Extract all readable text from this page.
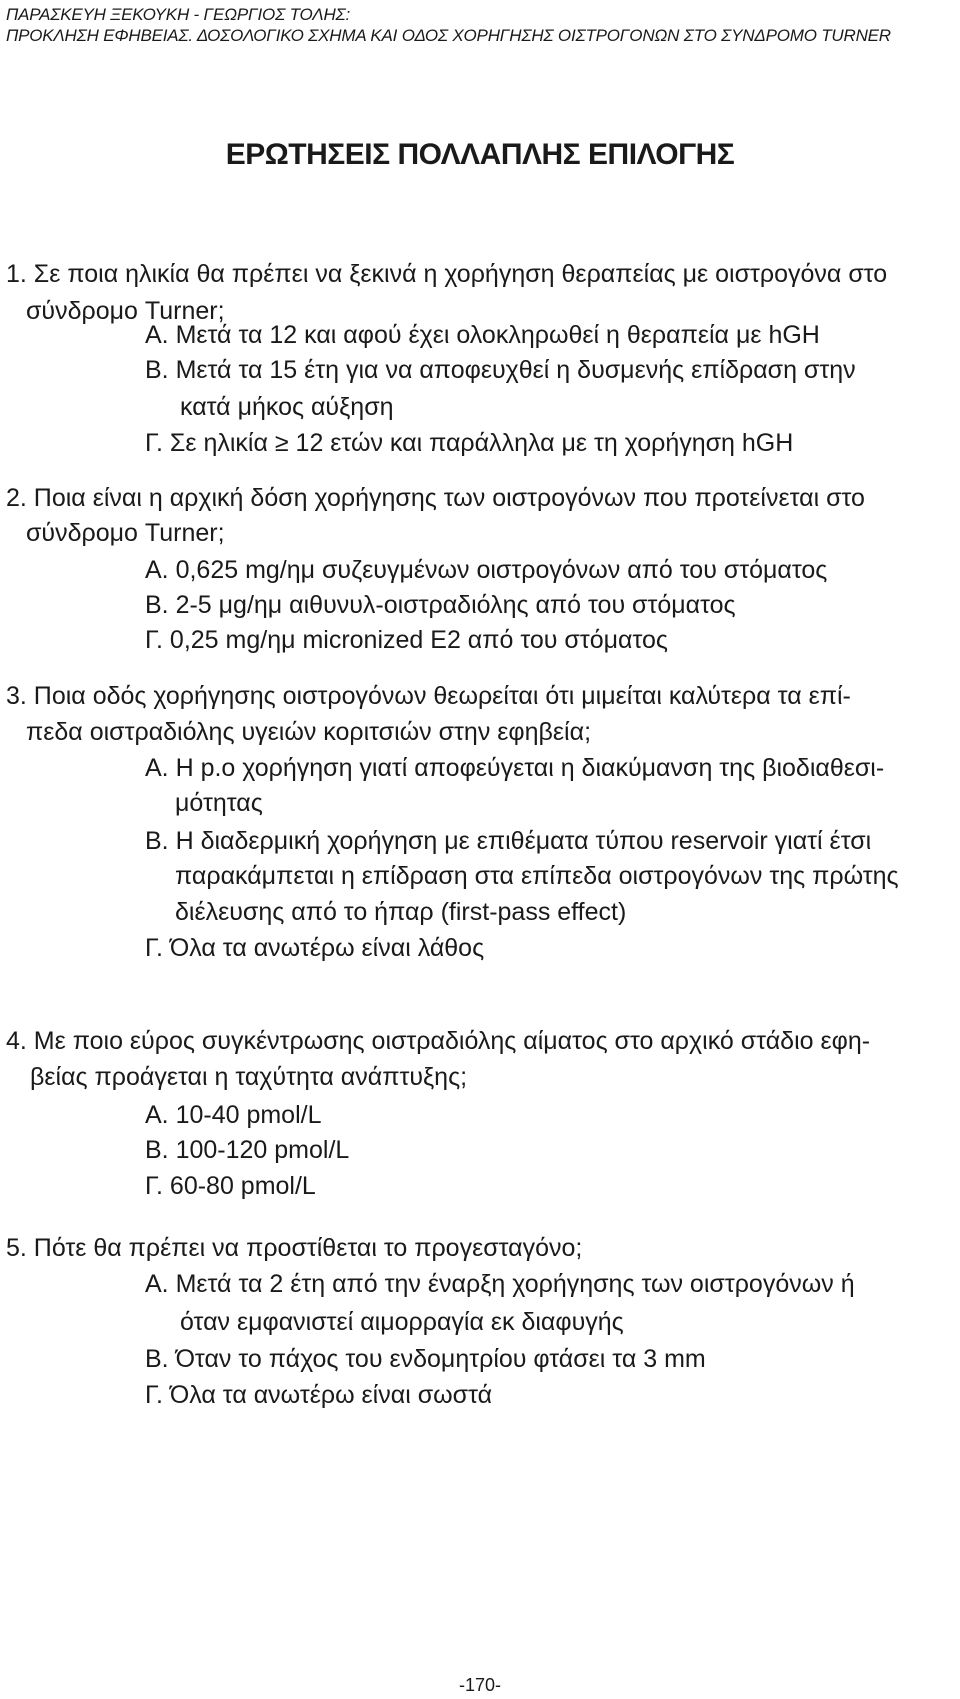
ΠΑΡΑΣΚΕΥΗ ΞΕΚΟΥΚΗ - ΓΕΩΡΓΙΟΣ ΤΟΛΗΣ:
ΠΡΟΚΛΗΣΗ ΕΦΗΒΕΙΑΣ. ΔΟΣΟΛΟΓΙΚΟ ΣΧΗΜΑ ΚΑΙ ΟΔΟΣ ΧΟΡΗΓΗΣΗΣ ΟΙΣΤΡΟΓΟΝΩΝ ΣΤΟ ΣΥΝΔΡΟΜΟ TURNER
ΕΡΩΤΗΣΕΙΣ ΠΟΛΛΑΠΛΗΣ ΕΠΙΛΟΓΗΣ
1. Σε ποια ηλικία θα πρέπει να ξεκινά η χορήγηση θεραπείας με οιστρογόνα στο
σύνδρομο Turner;
Α. Μετά τα 12 και αφού έχει ολοκληρωθεί η θεραπεία με hGH
Β. Μετά τα 15 έτη για να αποφευχθεί η δυσμενής επίδραση στην
κατά μήκος αύξηση
Γ. Σε ηλικία ≥ 12 ετών και παράλληλα με τη χορήγηση hGH
2. Ποια είναι η αρχική δόση χορήγησης των οιστρογόνων που προτείνεται στο
σύνδρομο Turner;
Α. 0,625 mg/ημ συζευγμένων οιστρογόνων από του στόματος
Β. 2-5 μg/ημ αιθυνυλ-οιστραδιόλης από του στόματος
Γ. 0,25 mg/ημ micronized E2 από του στόματος
3. Ποια οδός χορήγησης οιστρογόνων θεωρείται ότι μιμείται καλύτερα τα επί-
πεδα οιστραδιόλης υγειών κοριτσιών στην εφηβεία;
Α. Η p.o χορήγηση γιατί αποφεύγεται η διακύμανση της βιοδιαθεσι-
μότητας
Β. Η διαδερμική χορήγηση με επιθέματα τύπου reservoir γιατί έτσι
παρακάμπεται η επίδραση στα επίπεδα οιστρογόνων της πρώτης
διέλευσης από το ήπαρ (first-pass effect)
Γ. Όλα τα ανωτέρω είναι λάθος
4. Με ποιο εύρος συγκέντρωσης οιστραδιόλης αίματος στο αρχικό στάδιο εφη-
βείας προάγεται η ταχύτητα ανάπτυξης;
Α. 10-40 pmol/L
Β. 100-120 pmol/L
Γ. 60-80 pmol/L
5. Πότε θα πρέπει να προστίθεται το προγεσταγόνο;
Α. Μετά τα 2 έτη από την έναρξη χορήγησης των οιστρογόνων ή
όταν εμφανιστεί αιμορραγία εκ διαφυγής
Β. Όταν το πάχος του ενδομητρίου φτάσει τα 3 mm
Γ. Όλα τα ανωτέρω είναι σωστά
-170-
